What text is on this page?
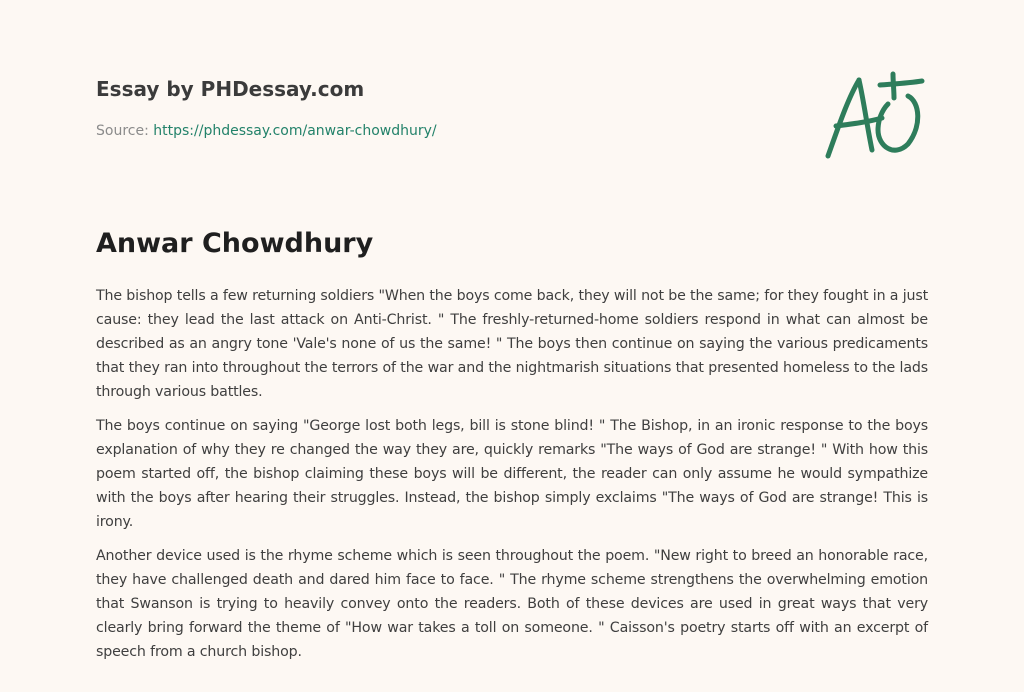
Essay by PHDessay.com
Source: https://phdessay.com/anwar-chowdhury/
Anwar Chowdhury

The bishop tells a few returning soldiers "When the boys come back, they will not be the same; for they fought in a just cause: they lead the last attack on Anti-Christ. " The freshly-returned-home soldiers respond in what can almost be described as an angry tone 'Vale's none of us the same! " The boys then continue on saying the various predicaments that they ran into throughout the terrors of the war and the nightmarish situations that presented homeless to the lads through various battles.

The boys continue on saying "George lost both legs, bill is stone blind! " The Bishop, in an ironic response to the boys explanation of why they re changed the way they are, quickly remarks "The ways of God are strange! " With how this poem started off, the bishop claiming these boys will be different, the reader can only assume he would sympathize with the boys after hearing their struggles. Instead, the bishop simply exclaims "The ways of God are strange! This is irony.

Another device used is the rhyme scheme which is seen throughout the poem. "New right to breed an honorable race, they have challenged death and dared him face to face. " The rhyme scheme strengthens the overwhelming emotion that Swanson is trying to heavily convey onto the readers. Both of these devices are used in great ways that very clearly bring forward the theme of "How war takes a toll on someone. " Caisson's poetry starts off with an excerpt of speech from a church bishop.
